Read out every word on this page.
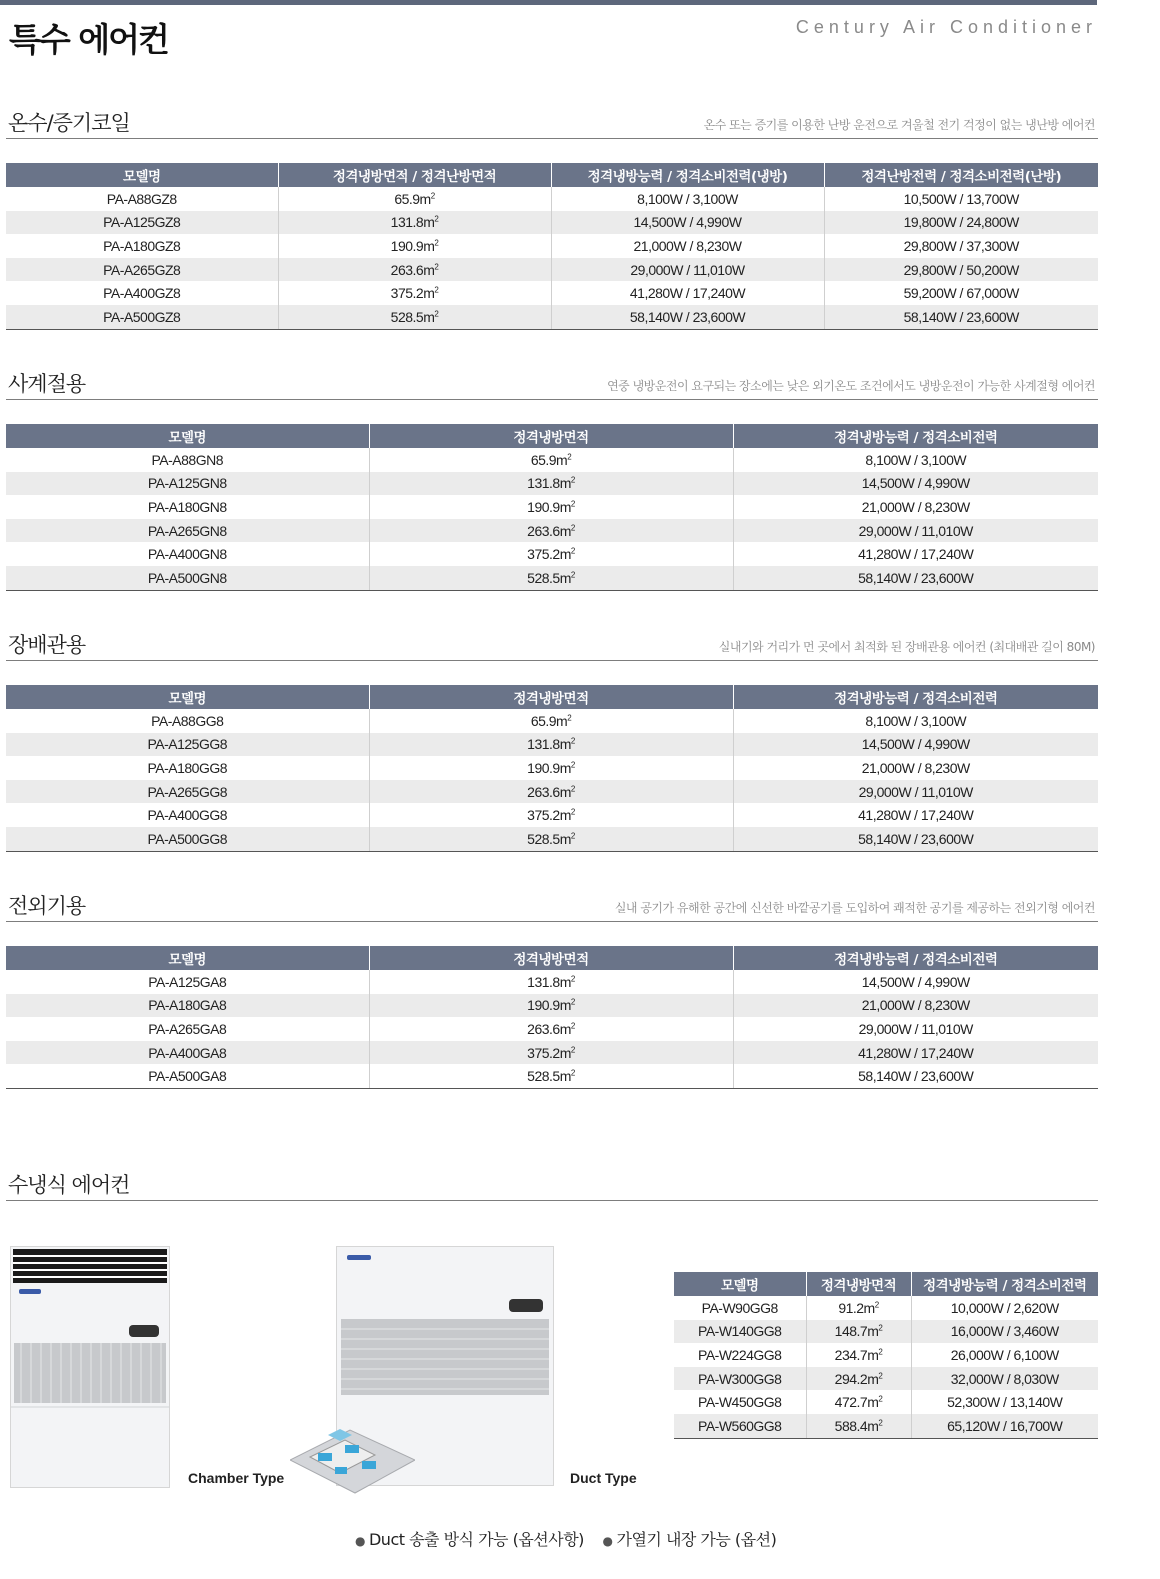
특수 에어컨	Century Air Conditioner
온수/증기코일	온수 또는 증기를 이용한 난방 운전으로 겨울철 전기 걱정이 없는 냉난방 에어컨
모델명	정격냉방면적 / 정격난방면적	정격냉방능력 / 정격소비전력(냉방)	정격난방전력 / 정격소비전력(난방)
PA-A88GZ8	$65.9m^2$	8,100W / 3,100W	10,500W / 13,700W
PA-A125GZ8	$131.8m^2$	14,500W / 4,990W	19,800W / 24,800W
PA-A180GZ8	$190.9m^2$	21,000W / 8,230W	29,800W / 37,300W
PA-A265GZ8	$263.6m^2$	29,000W / 11,010W	29,800W / 50,200W
PA-A400GZ8	$375.2m^2$	41,280W / 17,240W	59,200W / 67,000W
PA-A500GZ8	$528.5m^2$	58,140W / 23,600W	58,140W / 23,600W
사계절용	연중 냉방운전이 요구되는 장소에는 낮은 외기온도 조건에서도 냉방운전이 가능한 사계절형 에어컨
모델명	정격냉방면적	정격냉방능력 / 정격소비전력
PA-A88GN8	$65.9m^2$	8,100W / 3,100W
PA-A125GN8	$131.8m^2$	14,500W / 4,990W
PA-A180GN8	$190.9m^2$	21,000W / 8,230W
PA-A265GN8	$263.6m^2$	29,000W / 11,010W
PA-A400GN8	$375.2m^2$	41,280W / 17,240W
PA-A500GN8	$528.5m^2$	58,140W / 23,600W
장배관용	실내기와 거리가 먼 곳에서 최적화 된 장배관용 에어컨 (최대배관 길이 80M)
모델명	정격냉방면적	정격냉방능력 / 정격소비전력
PA-A88GG8	$65.9m^2$	8,100W / 3,100W
PA-A125GG8	$131.8m^2$	14,500W / 4,990W
PA-A180GG8	$190.9m^2$	21,000W / 8,230W
PA-A265GG8	$263.6m^2$	29,000W / 11,010W
PA-A400GG8	$375.2m^2$	41,280W / 17,240W
PA-A500GG8	$528.5m^2$	58,140W / 23,600W
전외기용	실내 공기가 유해한 공간에 신선한 바깥공기를 도입하여 쾌적한 공기를 제공하는 전외기형 에어컨
모델명	정격냉방면적	정격냉방능력 / 정격소비전력
PA-A125GA8	$131.8m^2$	14,500W / 4,990W
PA-A180GA8	$190.9m^2$	21,000W / 8,230W
PA-A265GA8	$263.6m^2$	29,000W / 11,010W
PA-A400GA8	$375.2m^2$	41,280W / 17,240W
PA-A500GA8	$528.5m^2$	58,140W / 23,600W
수냉식 에어컨
Chamber Type	Duct Type
모델명	정격냉방면적	정격냉방능력 / 정격소비전력
PA-W90GG8	$91.2m^2$	10,000W / 2,620W
PA-W140GG8	$148.7m^2$	16,000W / 3,460W
PA-W224GG8	$234.7m^2$	26,000W / 6,100W
PA-W300GG8	$294.2m^2$	32,000W / 8,030W
PA-W450GG8	$472.7m^2$	52,300W / 13,140W
PA-W560GG8	$588.4m^2$	65,120W / 16,700W
● Duct 송출 방식 가능 (옵션사항) ● 가열기 내장 가능 (옵션)
